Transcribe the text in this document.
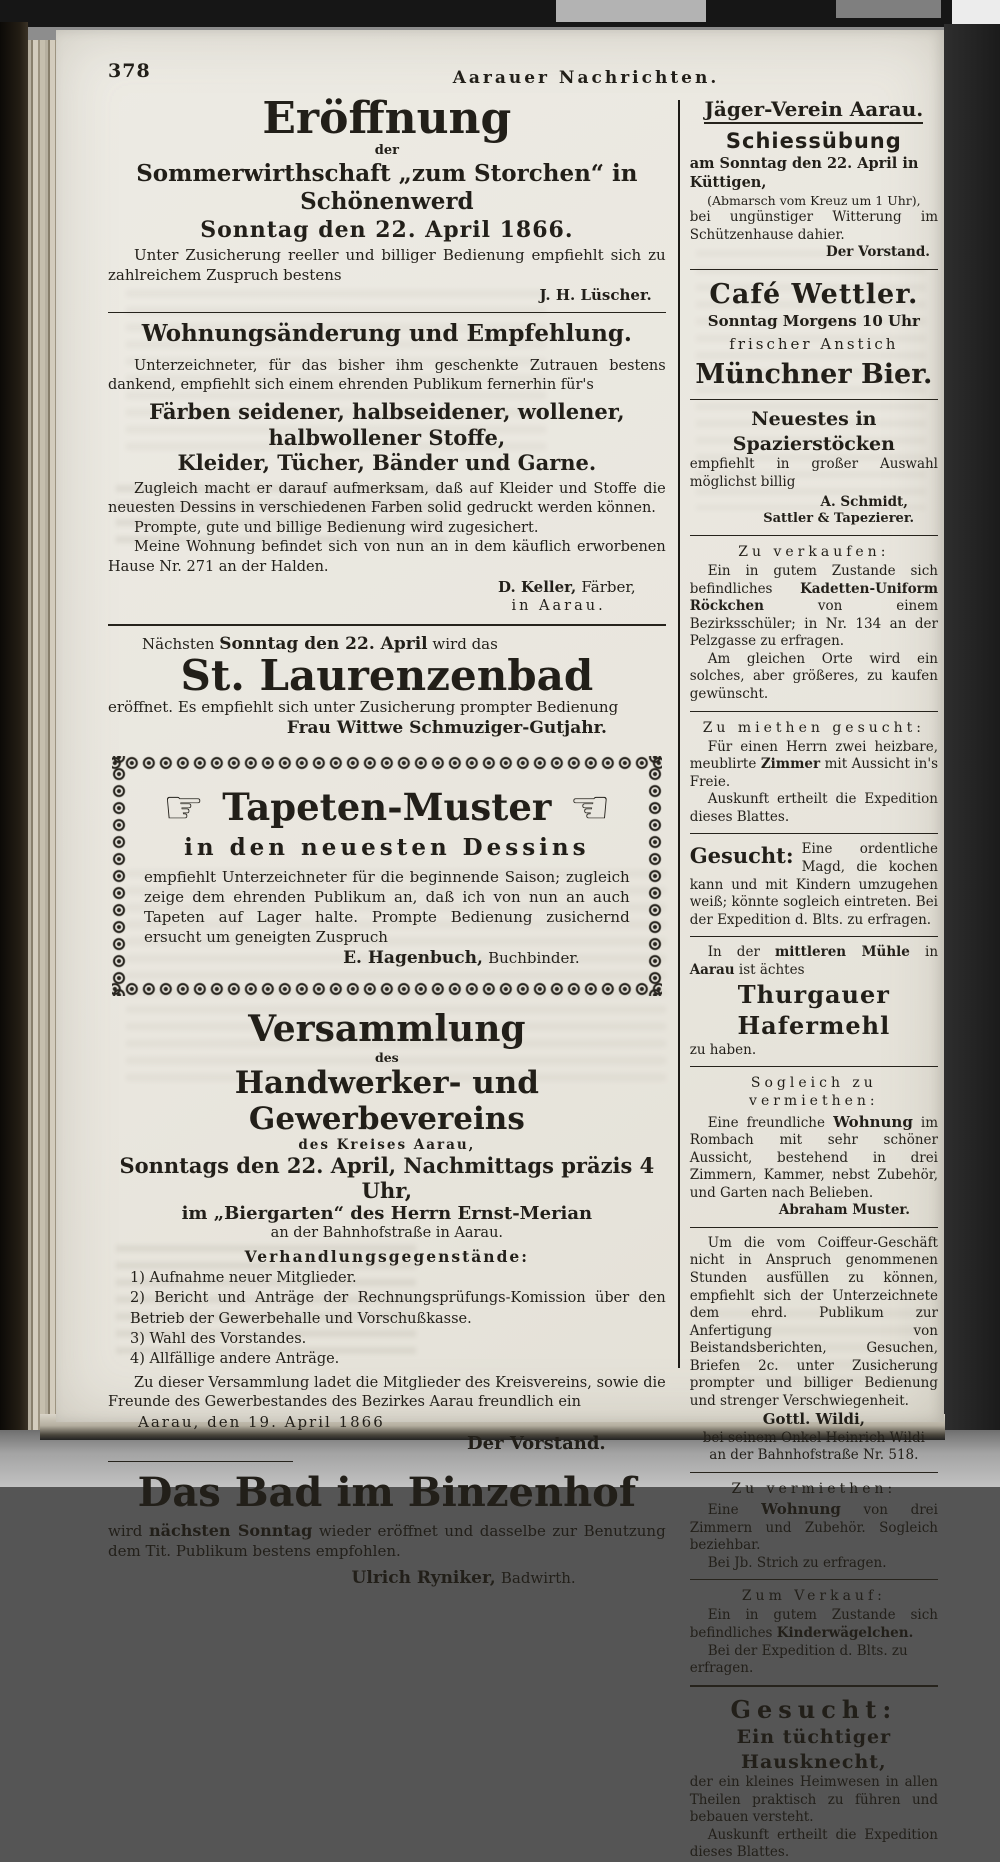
378	Aarauer Nachrichten.
Eröffnung
der
Sommerwirthschaft „zum Storchen“ in Schönenwerd
Sonntag den 22. April 1866.
Unter Zusicherung reeller und billiger Bedienung empfiehlt sich zu zahlreichem Zuspruch bestens
J. H. Lüscher.
Wohnungsänderung und Empfehlung.
Unterzeichneter, für das bisher ihm geschenkte Zutrauen bestens dankend, empfiehlt sich einem ehrenden Publikum fernerhin für's
Färben seidener, halbseidener, wollener, halbwollener Stoffe,
Kleider, Tücher, Bänder und Garne.
Zugleich macht er darauf aufmerksam, daß auf Kleider und Stoffe die neuesten Dessins in verschiedenen Farben solid gedruckt werden können.
Prompte, gute und billige Bedienung wird zugesichert.
Meine Wohnung befindet sich von nun an in dem käuflich erworbenen Hause Nr. 271 an der Halden.
D. Keller, Färber,
in Aarau.
Nächsten Sonntag den 22. April wird das
St. Laurenzenbad
eröffnet. Es empfiehlt sich unter Zusicherung prompter Bedienung
Frau Wittwe Schmuziger-Gutjahr.
☞ Tapeten-Muster ☜
in den neuesten Dessins
empfiehlt Unterzeichneter für die beginnende Saison; zugleich zeige dem ehrenden Publikum an, daß ich von nun an auch Tapeten auf Lager halte. Prompte Bedienung zusichernd ersucht um geneigten Zuspruch
E. Hagenbuch, Buchbinder.
Versammlung
des
Handwerker- und Gewerbevereins
des Kreises Aarau,
Sonntags den 22. April, Nachmittags präzis 4 Uhr,
im „Biergarten“ des Herrn Ernst-Merian
an der Bahnhofstraße in Aarau.
Verhandlungsgegenstände:
1) Aufnahme neuer Mitglieder.
2) Bericht und Anträge der Rechnungsprüfungs-Komission über den Betrieb der Gewerbehalle und Vorschußkasse.
3) Wahl des Vorstandes.
4) Allfällige andere Anträge.
Zu dieser Versammlung ladet die Mitglieder des Kreisvereins, sowie die Freunde des Gewerbestandes des Bezirkes Aarau freundlich ein
Aarau, den 19. April 1866
Der Vorstand.
Das Bad im Binzenhof
wird nächsten Sonntag wieder eröffnet und dasselbe zur Benutzung dem Tit. Publikum bestens empfohlen.
Ulrich Ryniker, Badwirth.
Jäger-Verein Aarau.
Schiessübung
am Sonntag den 22. April in Küttigen,
(Abmarsch vom Kreuz um 1 Uhr),
bei ungünstiger Witterung im Schützenhause dahier.
Der Vorstand.
Café Wettler.
Sonntag Morgens 10 Uhr
frischer Anstich
Münchner Bier.
Neuestes in Spazierstöcken
empfiehlt in großer Auswahl möglichst billig
A. Schmidt,
Sattler & Tapezierer.
Zu verkaufen:
Ein in gutem Zustande sich befindliches Kadetten-Uniform Röckchen	von einem Bezirksschüler; in Nr. 134 an der Pelzgasse zu erfragen.
Am gleichen Orte wird ein solches, aber größeres, zu kaufen gewünscht.
Zu miethen gesucht:
Für einen Herrn zwei heizbare, meublirte Zimmer mit Aussicht in's Freie.
Auskunft ertheilt die Expedition dieses Blattes.
Gesucht: Eine ordentliche Magd, die kochen kann und mit Kindern umzugehen weiß; könnte sogleich eintreten. Bei der Expedition d. Blts. zu erfragen.
In der mittleren Mühle in Aarau ist ächtes
Thurgauer Hafermehl
zu haben.
Sogleich zu vermiethen:
Eine freundliche Wohnung im Rombach mit sehr schöner Aussicht, bestehend in drei Zimmern, Kammer, nebst Zubehör, und Garten nach Belieben.
Abraham Muster.
Um die vom Coiffeur-Geschäft nicht in Anspruch genommenen Stunden ausfüllen zu können, empfiehlt sich der Unterzeichnete dem ehrd. Publikum zur Anfertigung von Beistandsberichten, Gesuchen, Briefen 2c. unter Zusicherung prompter und billiger Bedienung und strenger Verschwiegenheit.
Gottl. Wildi,
bei seinem Onkel Heinrich Wildi
an der Bahnhofstraße Nr. 518.
Zu vermiethen:
Eine Wohnung von drei Zimmern und Zubehör. Sogleich beziehbar.
Bei Jb. Strich zu erfragen.
Zum Verkauf:
Ein in gutem Zustande sich befindliches Kinderwägelchen.
Bei der Expedition d. Blts. zu erfragen.
Gesucht:
Ein tüchtiger Hausknecht,
der ein kleines Heimwesen in allen Theilen praktisch zu führen und bebauen versteht.
Auskunft ertheilt die Expedition dieses Blattes.
